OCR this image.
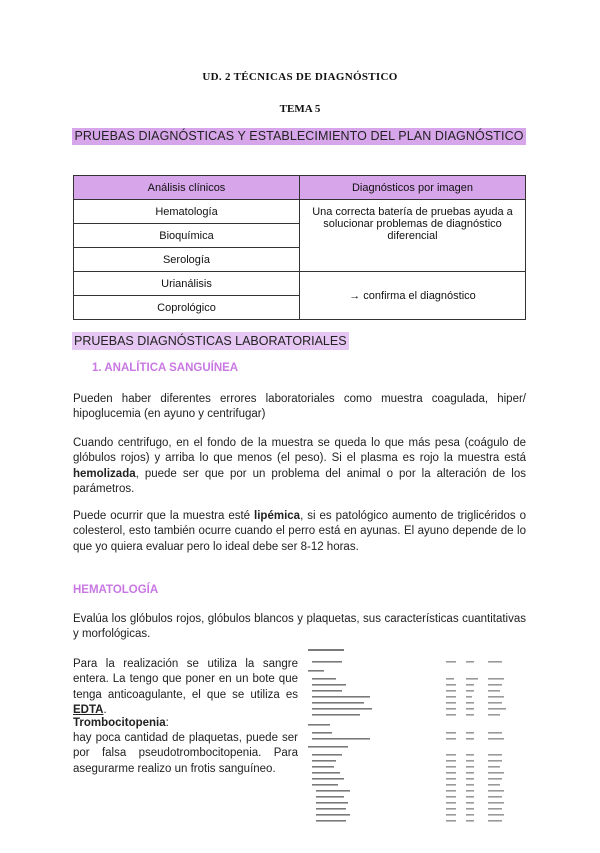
UD. 2 TÉCNICAS DE DIAGNÓSTICO
TEMA 5
PRUEBAS DIAGNÓSTICAS Y ESTABLECIMIENTO DEL PLAN DIAGNÓSTICO
Análisis clínicos	Diagnósticos por imagen
Hematología	Una correcta batería de pruebas ayuda a solucionar problemas de diagnóstico diferencial
Bioquímica	
Serología	
Urianálisis	→ confirma el diagnóstico
Coprológico	
PRUEBAS DIAGNÓSTICAS LABORATORIALES
1. ANALÍTICA SANGUÍNEA
Pueden haber diferentes errores laboratoriales como muestra coagulada, hiper/ hipoglucemia (en ayuno y centrifugar)
Cuando centrifugo, en el fondo de la muestra se queda lo que más pesa (coágulo de glóbulos rojos) y arriba lo que menos (el peso). Si el plasma es rojo la muestra está hemolizada, puede ser que por un problema del animal o por la alteración de los parámetros.
Puede ocurrir que la muestra esté lipémica, si es patológico aumento de triglicéridos o colesterol, esto también ocurre cuando el perro está en ayunas. El ayuno depende de lo que yo quiera evaluar pero lo ideal debe ser 8-12 horas.
HEMATOLOGÍA
Evalúa los glóbulos rojos, glóbulos blancos y plaquetas, sus características cuantitativas y morfológicas.
Para la realización se utiliza la sangre entera. La tengo que poner en un bote que tenga anticoagulante, el que se utiliza es EDTA.
Trombocitopenia:
hay poca cantidad de plaquetas, puede ser por falsa pseudotrombocitopenia. Para asegurarme realizo un frotis sanguíneo.
